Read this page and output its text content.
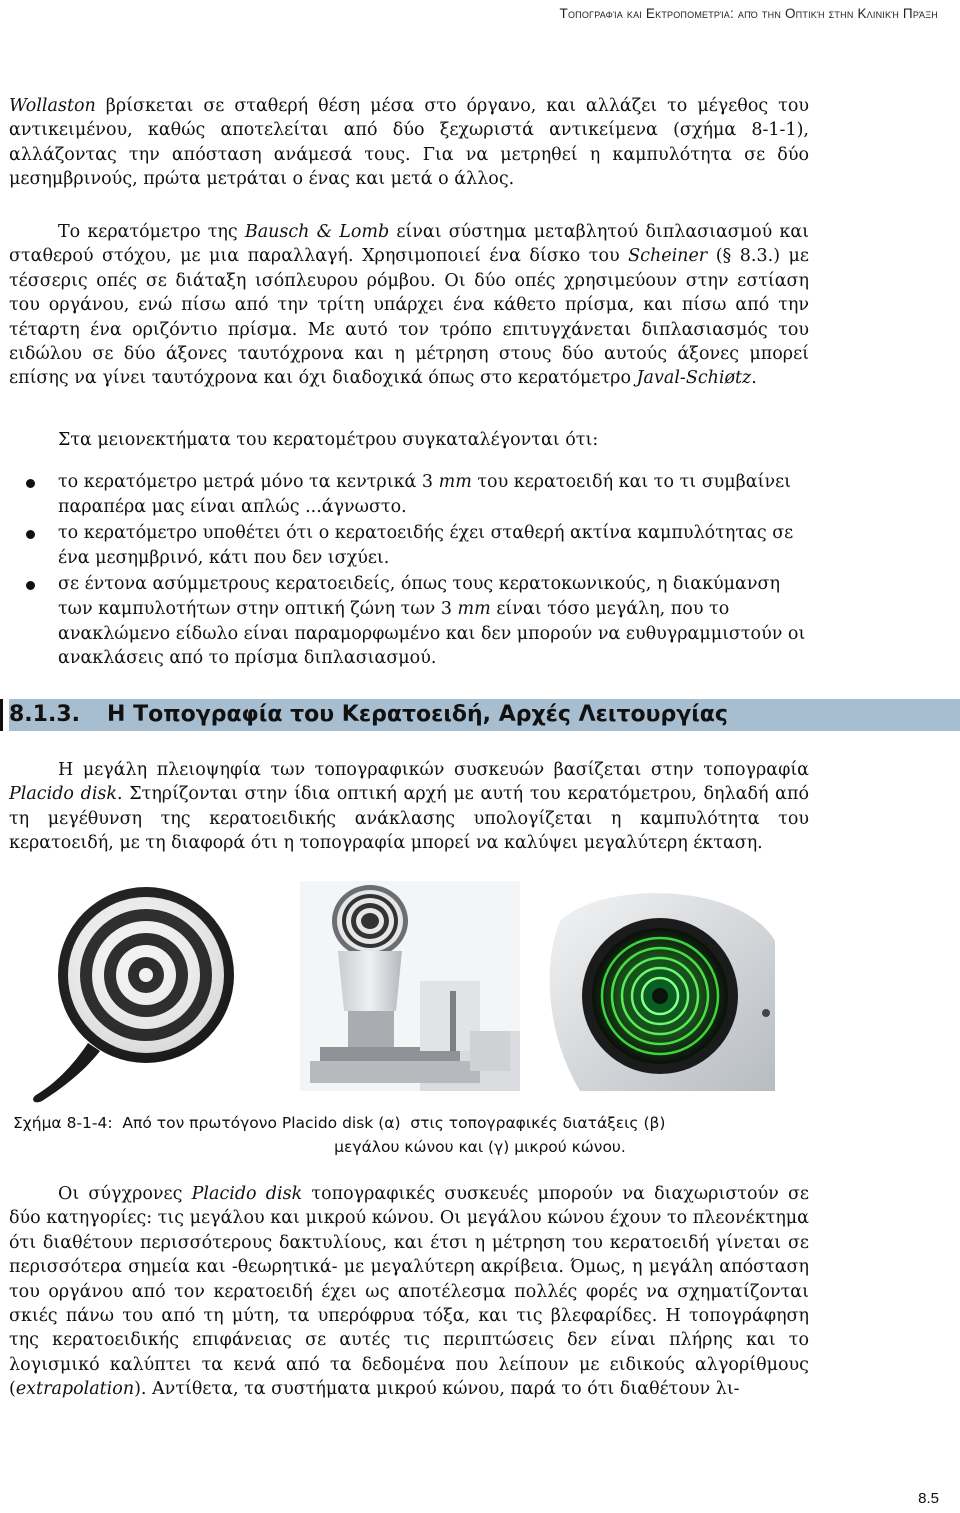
Τοπογραφία και Εκτροπομετρία: από την Οπτική στην Κλινική Πράξη

Wollaston βρίσκεται σε σταθερή θέση μέσα στο όργανο, και αλλάζει το μέγεθος του αντικειμένου, καθώς αποτελείται από δύο ξεχωριστά αντικείμενα (σχήμα 8-1-1), αλλάζοντας την απόσταση ανάμεσά τους. Για να μετρηθεί η καμπυλότητα σε δύο μεσημβρινούς, πρώτα μετράται ο ένας και μετά ο άλλος.

Το κερατόμετρο της Bausch & Lomb είναι σύστημα μεταβλητού διπλασιασμού και σταθερού στόχου, με μια παραλλαγή. Χρησιμοποιεί ένα δίσκο του Scheiner (§ 8.3.) με τέσσερις οπές σε διάταξη ισόπλευρου ρόμβου. Οι δύο οπές χρησιμεύουν στην εστίαση του οργάνου, ενώ πίσω από την τρίτη υπάρχει ένα κάθετο πρίσμα, και πίσω από την τέταρτη ένα οριζόντιο πρίσμα. Με αυτό τον τρόπο επιτυγχάνεται διπλασιασμός του ειδώλου σε δύο άξονες ταυτόχρονα και η μέτρηση στους δύο αυτούς άξονες μπορεί επίσης να γίνει ταυτόχρονα και όχι διαδοχικά όπως στο κερατόμετρο Javal-Schiøtz.

Στα μειονεκτήματα του κερατομέτρου συγκαταλέγονται ότι:

το κερατόμετρο μετρά μόνο τα κεντρικά 3 mm του κερατοειδή και το τι συμβαίνει παραπέρα μας είναι απλώς ...άγνωστο.
το κερατόμετρο υποθέτει ότι ο κερατοειδής έχει σταθερή ακτίνα καμπυλότητας σε ένα μεσημβρινό, κάτι που δεν ισχύει.
σε έντονα ασύμμετρους κερατοειδείς, όπως τους κερατοκωνικούς, η διακύμανση των καμπυλοτήτων στην οπτική ζώνη των 3 mm είναι τόσο μεγάλη, που το ανακλώμενο είδωλο είναι παραμορφωμένο και δεν μπορούν να ευθυγραμμιστούν οι ανακλάσεις από το πρίσμα διπλασιασμού.
8.1.3. Η Τοπογραφία του Κερατοειδή, Αρχές Λειτουργίας

Η μεγάλη πλειοψηφία των τοπογραφικών συσκευών βασίζεται στην τοπογραφία Placido disk. Στηρίζονται στην ίδια οπτική αρχή με αυτή του κερατόμετρου, δηλαδή από τη μεγέθυνση της κερατοειδικής ανάκλασης υπολογίζεται η καμπυλότητα του κερατοειδή, με τη διαφορά ότι η τοπογραφία μπορεί να καλύψει μεγαλύτερη έκταση.

Σχήμα 8-1-4:  Από τον πρωτόγονο Placido disk (α)  στις τοπογραφικές διατάξεις (β)
μεγάλου κώνου και (γ) μικρού κώνου.

Οι σύγχρονες Placido disk τοπογραφικές συσκευές μπορούν να διαχωριστούν σε δύο κατηγορίες: τις μεγάλου και μικρού κώνου. Οι μεγάλου κώνου έχουν το πλεονέκτημα ότι διαθέτουν περισσότερους δακτυλίους, και έτσι η μέτρηση του κερατοειδή γίνεται σε περισσότερα σημεία και -θεωρητικά- με μεγαλύτερη ακρίβεια. Όμως, η μεγάλη απόσταση του οργάνου από τον κερατοειδή έχει ως αποτέλεσμα πολλές φορές να σχηματίζονται σκιές πάνω του από τη μύτη, τα υπερόφρυα τόξα, και τις βλεφαρίδες. Η τοπογράφηση της κερατοειδικής επιφάνειας σε αυτές τις περιπτώσεις δεν είναι πλήρης και το λογισμικό καλύπτει τα κενά από τα δεδομένα που λείπουν με ειδικούς αλγορίθμους (extrapolation). Αντίθετα, τα συστήματα μικρού κώνου, παρά το ότι διαθέτουν λι-

8.5
